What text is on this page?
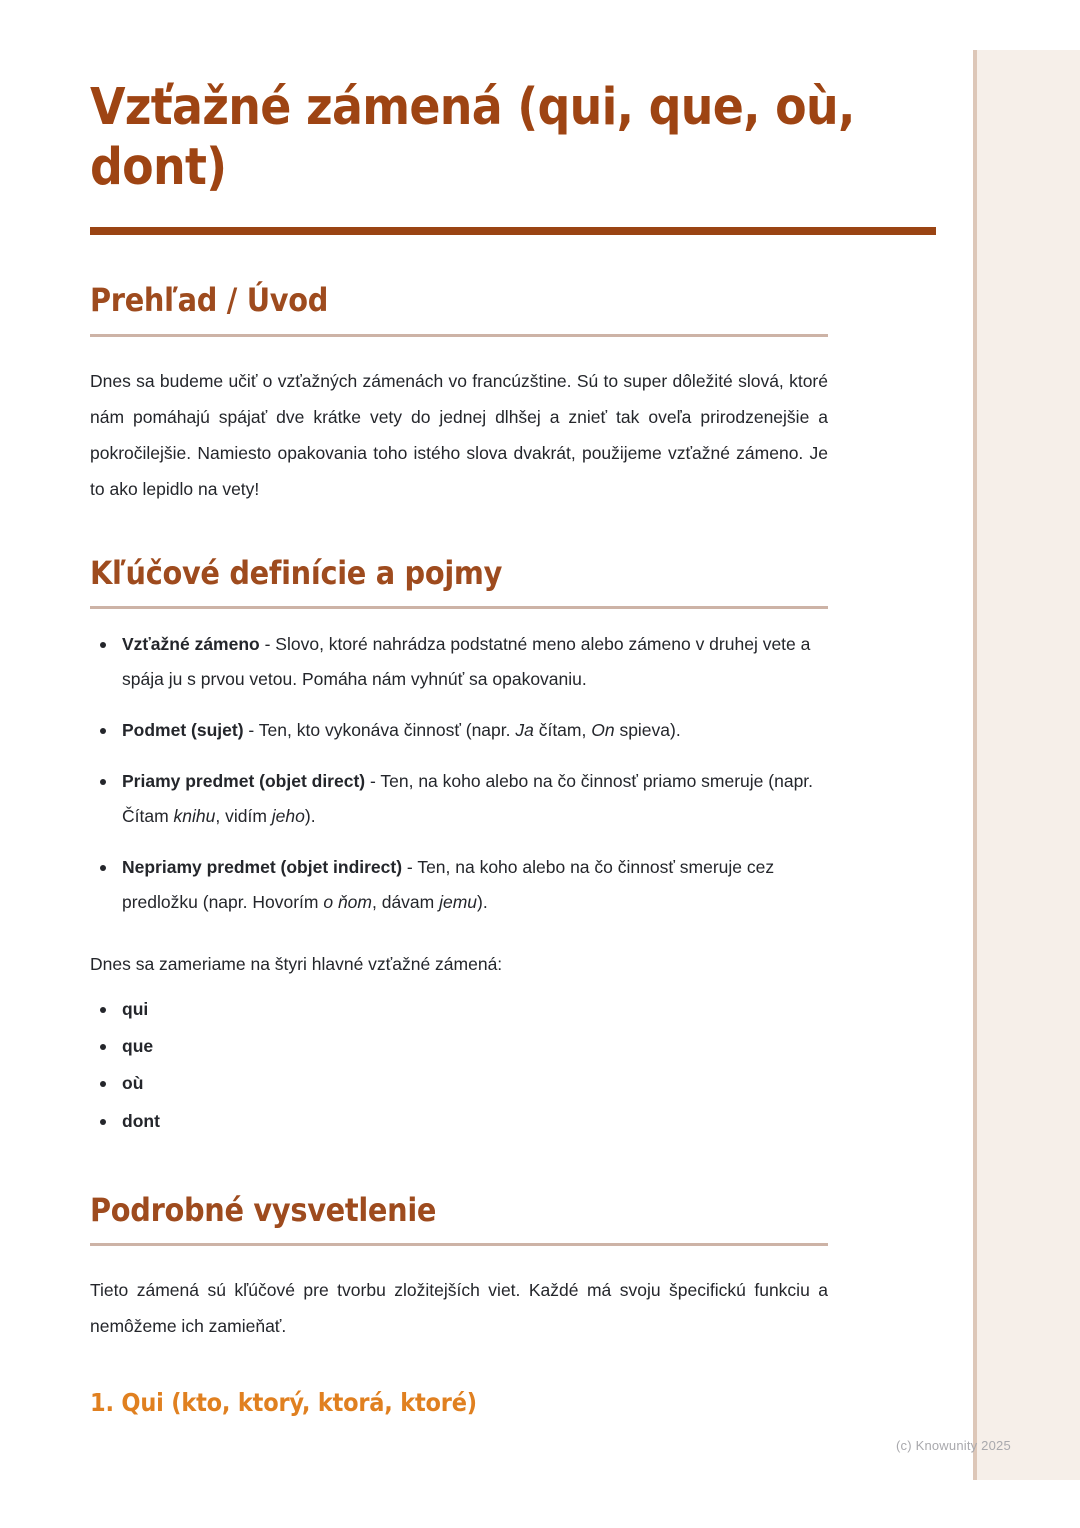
Vzťažné zámená (qui, que, où, dont)
Prehľad / Úvod

Dnes sa budeme učiť o vzťažných zámenách vo francúzštine. Sú to super dôležité slová, ktoré nám pomáhajú spájať dve krátke vety do jednej dlhšej a znieť tak oveľa prirodzenejšie a pokročilejšie. Namiesto opakovania toho istého slova dvakrát, použijeme vzťažné zámeno. Je to ako lepidlo na vety!

Kľúčové definície a pojmy
Vzťažné zámeno - Slovo, ktoré nahrádza podstatné meno alebo zámeno v druhej vete a spája ju s prvou vetou. Pomáha nám vyhnúť sa opakovaniu.
Podmet (sujet) - Ten, kto vykonáva činnosť (napr. Ja čítam, On spieva).
Priamy predmet (objet direct) - Ten, na koho alebo na čo činnosť priamo smeruje (napr. Čítam knihu, vidím jeho).
Nepriamy predmet (objet indirect) - Ten, na koho alebo na čo činnosť smeruje cez predložku (napr. Hovorím o ňom, dávam jemu).

Dnes sa zameriame na štyri hlavné vzťažné zámená:

qui
que
où
dont
Podrobné vysvetlenie

Tieto zámená sú kľúčové pre tvorbu zložitejších viet. Každé má svoju špecifickú funkciu a nemôžeme ich zamieňať.

1. Qui (kto, ktorý, ktorá, ktoré)
(c) Knowunity 2025
